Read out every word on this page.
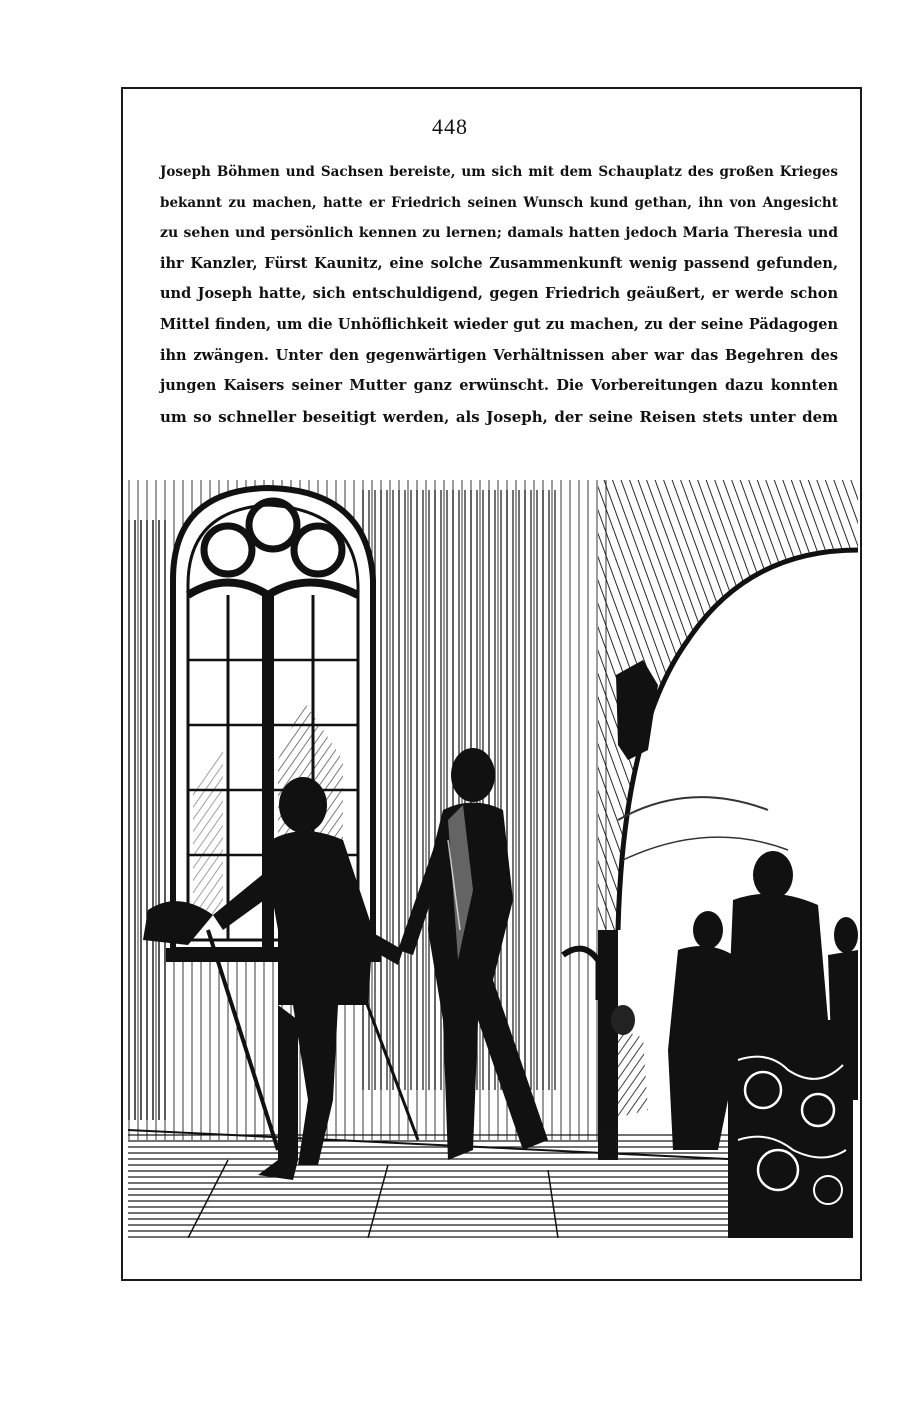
448
Joseph Böhmen und Sachsen bereiste, um sich mit dem Schauplatz des großen Krieges
bekannt zu machen, hatte er Friedrich seinen Wunsch kund gethan, ihn von Angesicht
zu sehen und persönlich kennen zu lernen; damals hatten jedoch Maria Theresia und
ihr Kanzler, Fürst Kaunitz, eine solche Zusammenkunft wenig passend gefunden,
und Joseph hatte, sich entschuldigend, gegen Friedrich geäußert, er werde schon
Mittel finden, um die Unhöflichkeit wieder gut zu machen, zu der seine Pädagogen
ihn zwängen. Unter den gegenwärtigen Verhältnissen aber war das Begehren des
jungen Kaisers seiner Mutter ganz erwünscht. Die Vorbereitungen dazu konnten
um so schneller beseitigt werden, als Joseph, der seine Reisen stets unter dem
